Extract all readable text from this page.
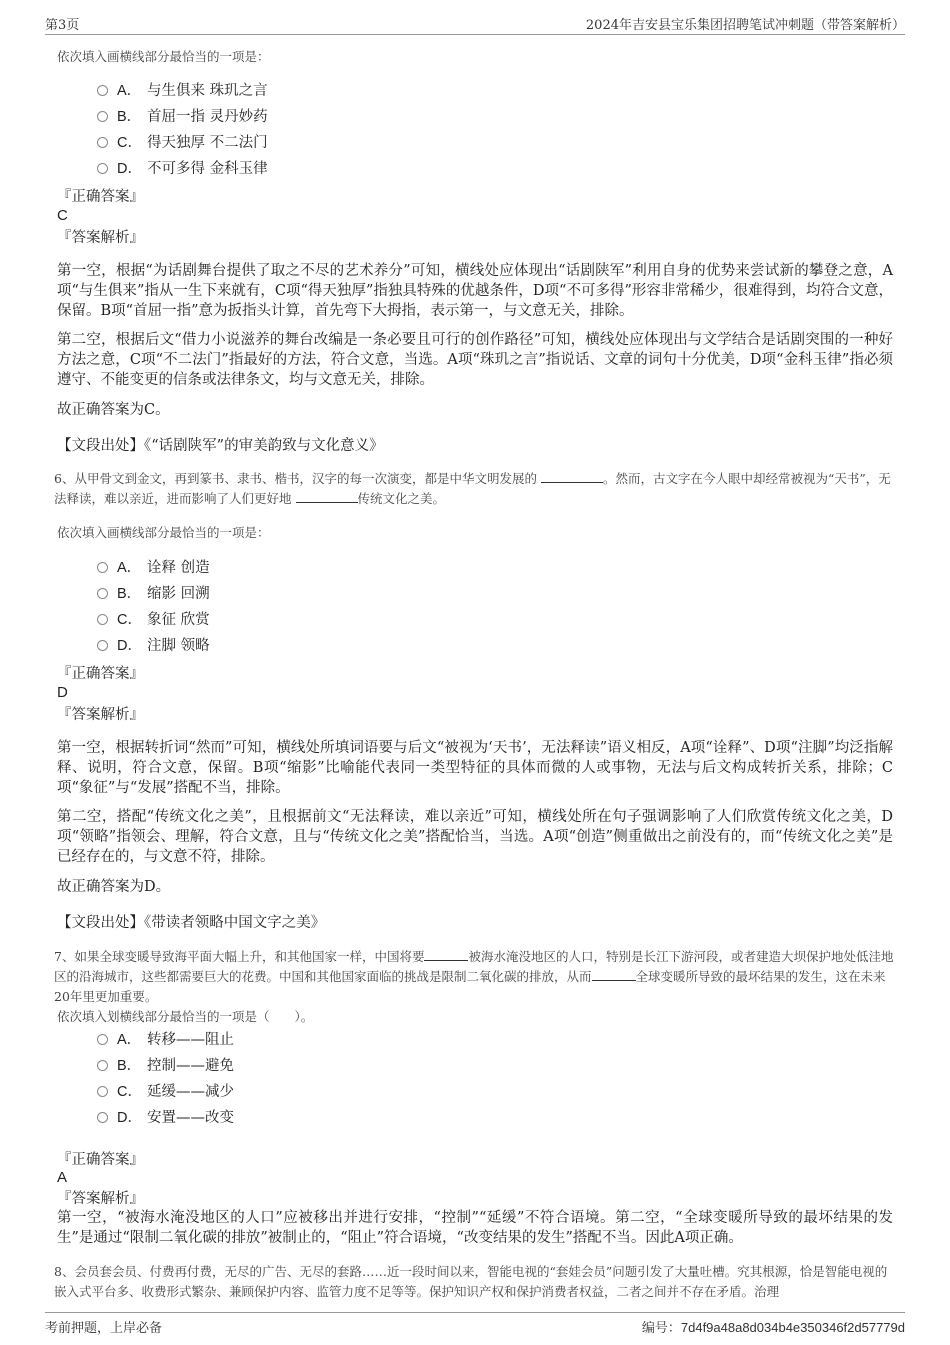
第3页	2024年吉安县宝乐集团招聘笔试冲刺题（带答案解析）
依次填入画横线部分最恰当的一项是：
A． 与生俱来 珠玑之言
B． 首屈一指 灵丹妙药
C． 得天独厚 不二法门
D． 不可多得 金科玉律
『正确答案』
C
『答案解析』
第一空，根据“为话剧舞台提供了取之不尽的艺术养分”可知，横线处应体现出“话剧陕军”利用自身的优势来尝试新的攀登之意，A项“与生俱来”指从一生下来就有，C项“得天独厚”指独具特殊的优越条件，D项“不可多得”形容非常稀少，很难得到，均符合文意，保留。B项“首屈一指”意为扳指头计算，首先弯下大拇指，表示第一，与文意无关，排除。
第二空，根据后文“借力小说滋养的舞台改编是一条必要且可行的创作路径”可知，横线处应体现出与文学结合是话剧突围的一种好方法之意，C项“不二法门”指最好的方法，符合文意，当选。A项“珠玑之言”指说话、文章的词句十分优美，D项“金科玉律”指必须遵守、不能变更的信条或法律条文，均与文意无关，排除。
故正确答案为C。
【文段出处】《“话剧陕军”的审美韵致与文化意义》
6、从甲骨文到金文，再到篆书、隶书、楷书，汉字的每一次演变，都是中华文明发展的	。然而，古文字在今人眼中却经常被视为“天书”，无法释读，难以亲近，进而影响了人们更好地	传统文化之美。
依次填入画横线部分最恰当的一项是：
A． 诠释 创造
B． 缩影 回溯
C． 象征 欣赏
D． 注脚 领略
『正确答案』
D
『答案解析』
第一空，根据转折词“然而”可知，横线处所填词语要与后文“被视为‘天书’，无法释读”语义相反，A项“诠释”、D项“注脚”均泛指解释、说明，符合文意，保留。B项“缩影”比喻能代表同一类型特征的具体而微的人或事物，无法与后文构成转折关系，排除；C项“象征”与“发展”搭配不当，排除。
第二空，搭配“传统文化之美”，且根据前文“无法释读，难以亲近”可知，横线处所在句子强调影响了人们欣赏传统文化之美，D项“领略”指领会、理解，符合文意，且与“传统文化之美”搭配恰当，当选。A项“创造”侧重做出之前没有的，而“传统文化之美”是已经存在的，与文意不符，排除。
故正确答案为D。
【文段出处】《带读者领略中国文字之美》
7、如果全球变暖导致海平面大幅上升，和其他国家一样，中国将要	被海水淹没地区的人口，特别是长江下游河段，或者建造大坝保护地处低洼地区的沿海城市，这些都需要巨大的花费。中国和其他国家面临的挑战是限制二氧化碳的排放，从而	全球变暖所导致的最坏结果的发生，这在未来20年里更加重要。
依次填入划横线部分最恰当的一项是（　　）。
A． 转移——阻止
B． 控制——避免
C． 延缓——减少
D． 安置——改变
『正确答案』
A
『答案解析』
第一空，“被海水淹没地区的人口”应被移出并进行安排，“控制”“延缓”不符合语境。第二空，“全球变暖所导致的最坏结果的发生”是通过“限制二氧化碳的排放”被制止的，“阻止”符合语境，“改变结果的发生”搭配不当。因此A项正确。
8、会员套会员、付费再付费，无尽的广告、无尽的套路……近一段时间以来，智能电视的“套娃会员”问题引发了大量吐槽。究其根源，恰是智能电视的嵌入式平台多、收费形式繁杂、兼顾保护内容、监管力度不足等等。保护知识产权和保护消费者权益，二者之间并不存在矛盾。治理
考前押题，上岸必备	编号：7d4f9a48a8d034b4e350346f2d57779d
